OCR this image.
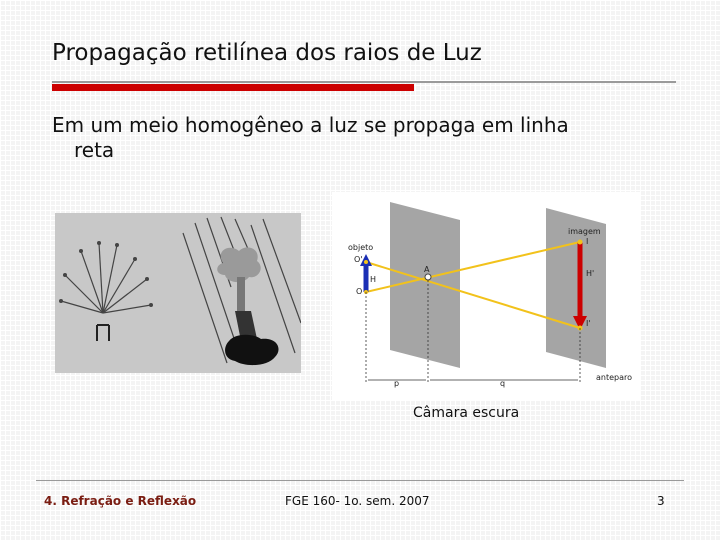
Propagação retilínea dos raios de Luz
Em um meio homogêneo a luz se propaga em linha
reta
objeto
O'
H
O
A
imagem
I
H'
I'
anteparo
p	q
Câmara escura
4. Refração e Reflexão	FGE 160- 1o. sem. 2007	3
